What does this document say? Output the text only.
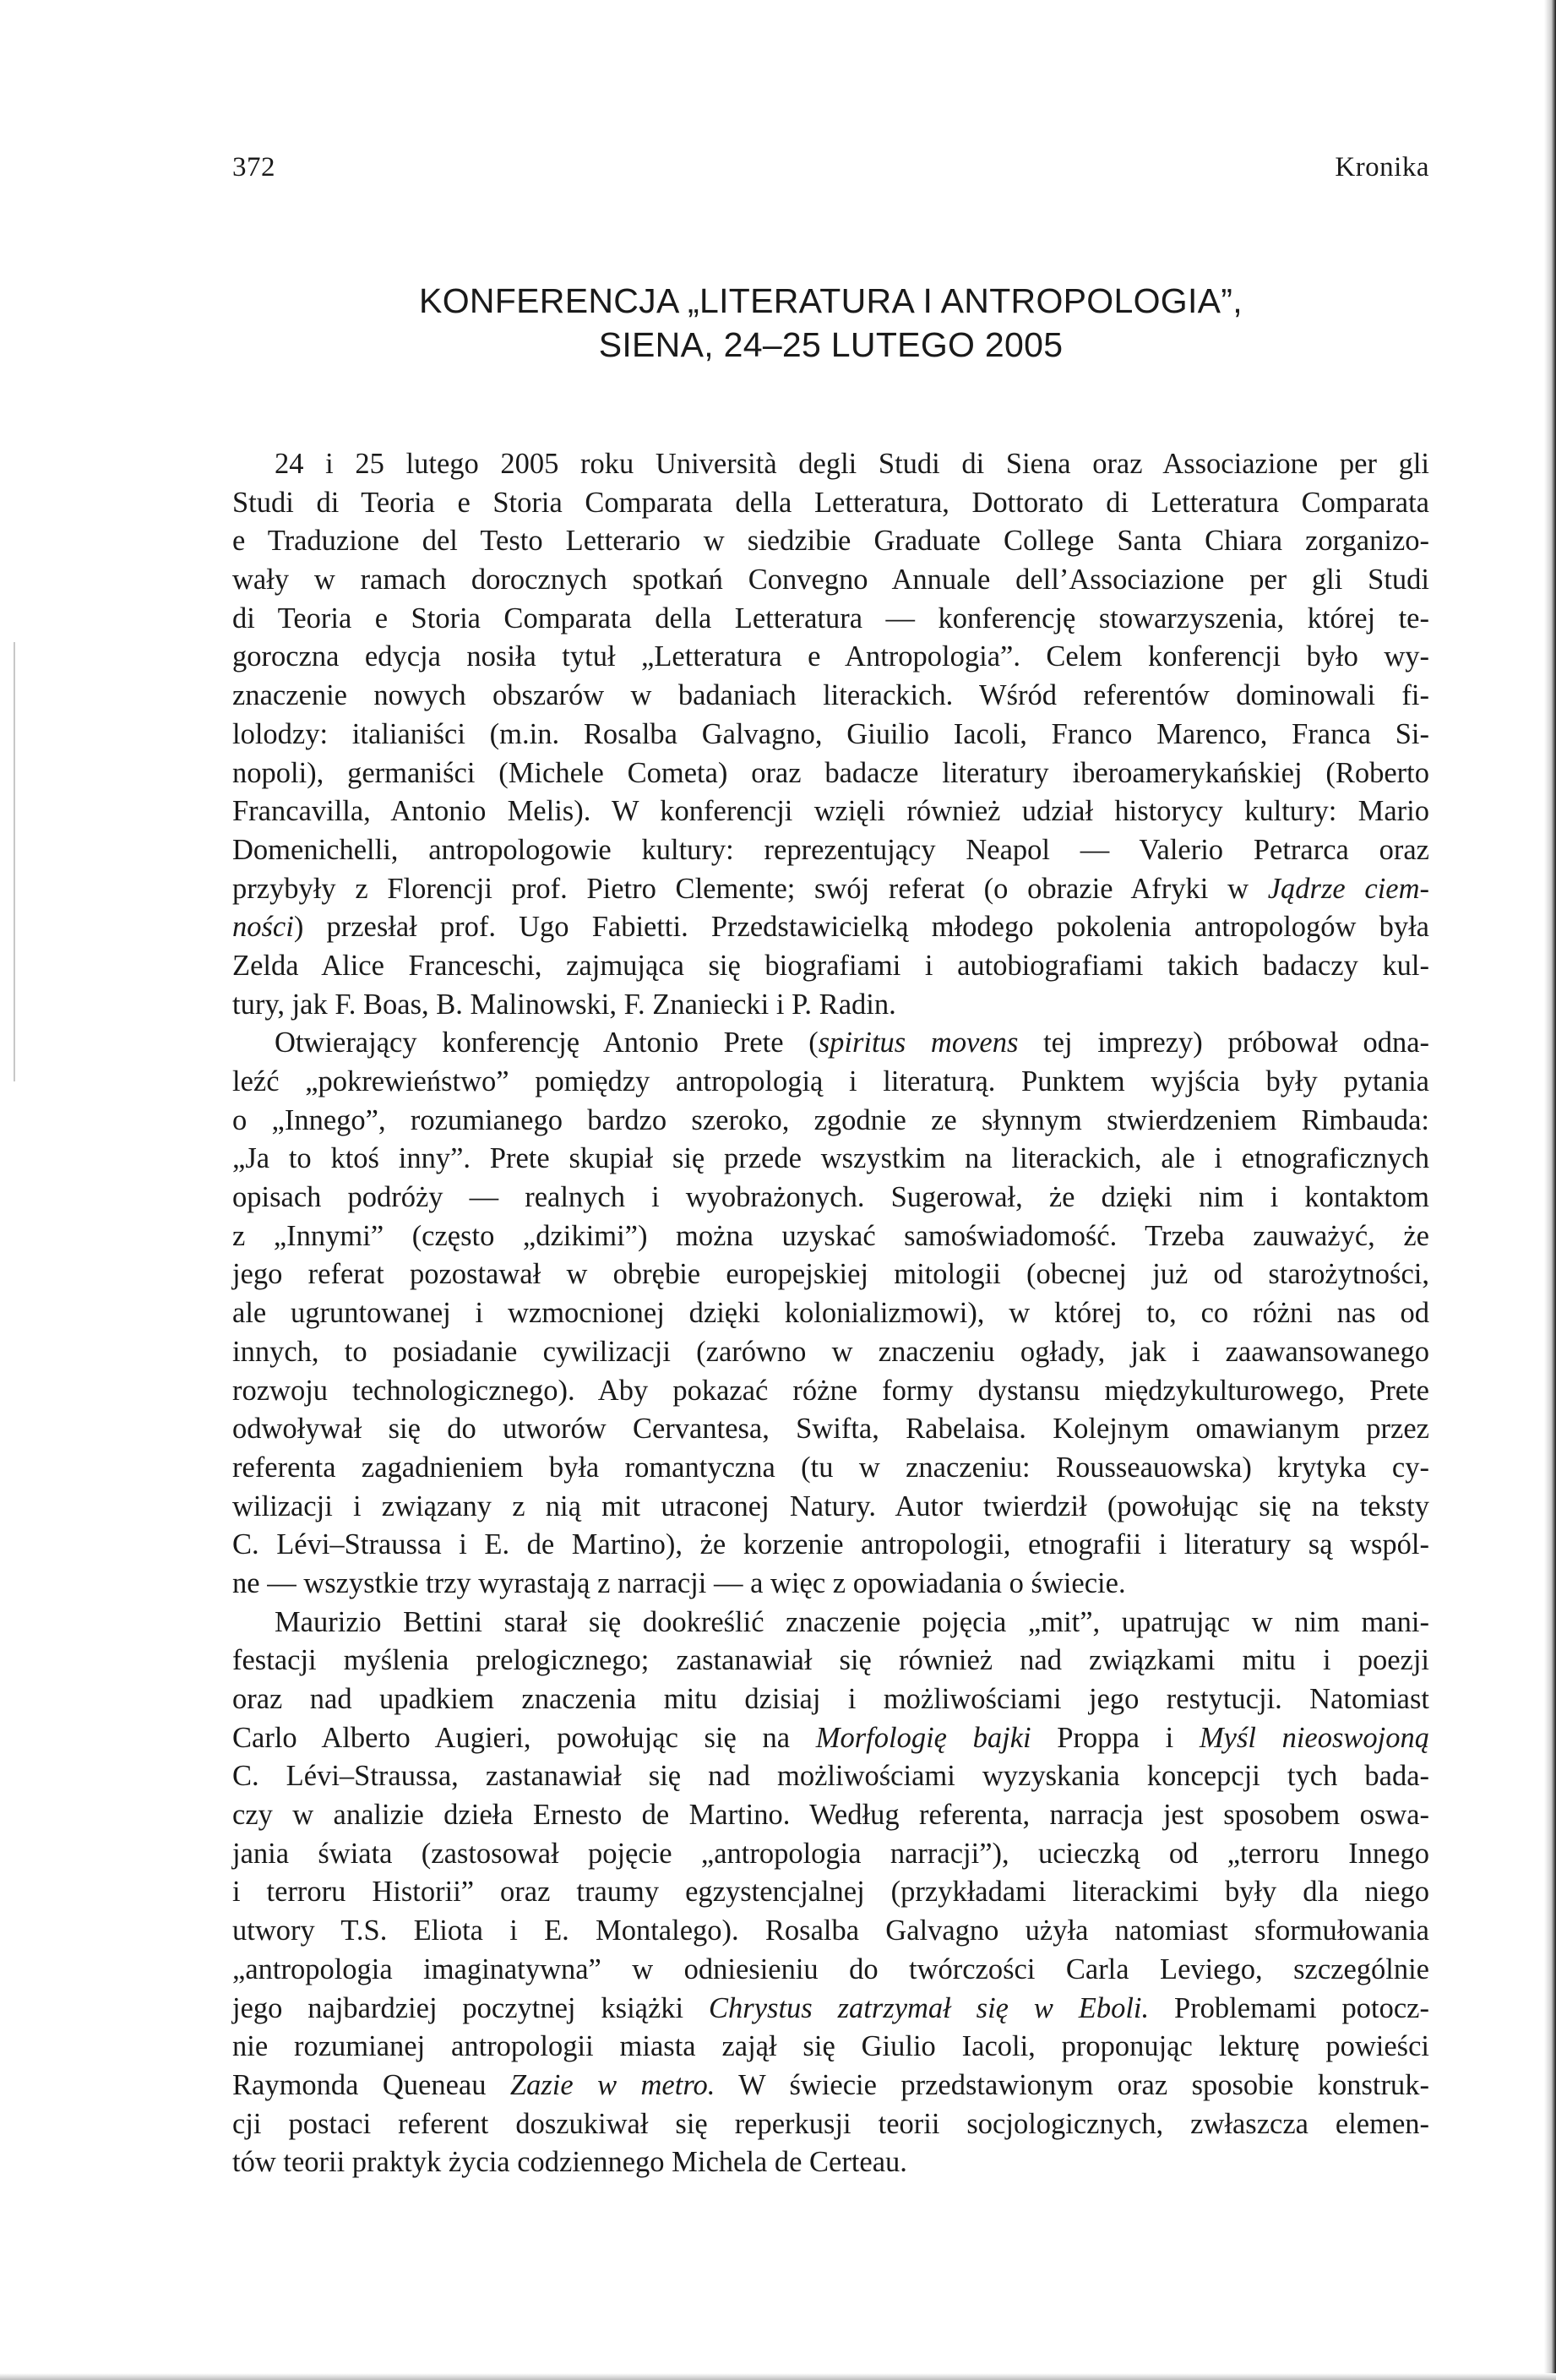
372	Kronika
KONFERENCJA „LITERATURA I ANTROPOLOGIA”,
SIENA, 24–25 LUTEGO 2005
24 i 25 lutego 2005 roku Università degli Studi di Siena oraz Associazione per gli
Studi di Teoria e Storia Comparata della Letteratura, Dottorato di Letteratura Comparata
e Traduzione del Testo Letterario w siedzibie Graduate College Santa Chiara zorganizo-
wały w ramach dorocznych spotkań Convegno Annuale dell’Associazione per gli Studi
di Teoria e Storia Comparata della Letteratura — konferencję stowarzyszenia, której te-
goroczna edycja nosiła tytuł „Letteratura e Antropologia”. Celem konferencji było wy-
znaczenie nowych obszarów w badaniach literackich. Wśród referentów dominowali fi-
lolodzy: italianiści (m.in. Rosalba Galvagno, Giuilio Iacoli, Franco Marenco, Franca Si-
nopoli), germaniści (Michele Cometa) oraz badacze literatury iberoamerykańskiej (Roberto
Francavilla, Antonio Melis). W konferencji wzięli również udział historycy kultury: Mario
Domenichelli, antropologowie kultury: reprezentujący Neapol — Valerio Petrarca oraz
przybyły z Florencji prof. Pietro Clemente; swój referat (o obrazie Afryki w Jądrze ciem-
ności) przesłał prof. Ugo Fabietti. Przedstawicielką młodego pokolenia antropologów była
Zelda Alice Franceschi, zajmująca się biografiami i autobiografiami takich badaczy kul-
tury, jak F. Boas, B. Malinowski, F. Znaniecki i P. Radin.
Otwierający konferencję Antonio Prete (spiritus movens tej imprezy) próbował odna-
leźć „pokrewieństwo” pomiędzy antropologią i literaturą. Punktem wyjścia były pytania
o „Innego”, rozumianego bardzo szeroko, zgodnie ze słynnym stwierdzeniem Rimbauda:
„Ja to ktoś inny”. Prete skupiał się przede wszystkim na literackich, ale i etnograficznych
opisach podróży — realnych i wyobrażonych. Sugerował, że dzięki nim i kontaktom
z „Innymi” (często „dzikimi”) można uzyskać samoświadomość. Trzeba zauważyć, że
jego referat pozostawał w obrębie europejskiej mitologii (obecnej już od starożytności,
ale ugruntowanej i wzmocnionej dzięki kolonializmowi), w której to, co różni nas od
innych, to posiadanie cywilizacji (zarówno w znaczeniu ogłady, jak i zaawansowanego
rozwoju technologicznego). Aby pokazać różne formy dystansu międzykulturowego, Prete
odwoływał się do utworów Cervantesa, Swifta, Rabelaisa. Kolejnym omawianym przez
referenta zagadnieniem była romantyczna (tu w znaczeniu: Rousseauowska) krytyka cy-
wilizacji i związany z nią mit utraconej Natury. Autor twierdził (powołując się na teksty
C. Lévi–Straussa i E. de Martino), że korzenie antropologii, etnografii i literatury są wspól-
ne — wszystkie trzy wyrastają z narracji — a więc z opowiadania o świecie.
Maurizio Bettini starał się dookreślić znaczenie pojęcia „mit”, upatrując w nim mani-
festacji myślenia prelogicznego; zastanawiał się również nad związkami mitu i poezji
oraz nad upadkiem znaczenia mitu dzisiaj i możliwościami jego restytucji. Natomiast
Carlo Alberto Augieri, powołując się na Morfologię bajki Proppa i Myśl nieoswojoną
C. Lévi–Straussa, zastanawiał się nad możliwościami wyzyskania koncepcji tych bada-
czy w analizie dzieła Ernesto de Martino. Według referenta, narracja jest sposobem oswa-
jania świata (zastosował pojęcie „antropologia narracji”), ucieczką od „terroru Innego
i terroru Historii” oraz traumy egzystencjalnej (przykładami literackimi były dla niego
utwory T.S. Eliota i E. Montalego). Rosalba Galvagno użyła natomiast sformułowania
„antropologia imaginatywna” w odniesieniu do twórczości Carla Leviego, szczególnie
jego najbardziej poczytnej książki Chrystus zatrzymał się w Eboli. Problemami potocz-
nie rozumianej antropologii miasta zajął się Giulio Iacoli, proponując lekturę powieści
Raymonda Queneau Zazie w metro. W świecie przedstawionym oraz sposobie konstruk-
cji postaci referent doszukiwał się reperkusji teorii socjologicznych, zwłaszcza elemen-
tów teorii praktyk życia codziennego Michela de Certeau.
